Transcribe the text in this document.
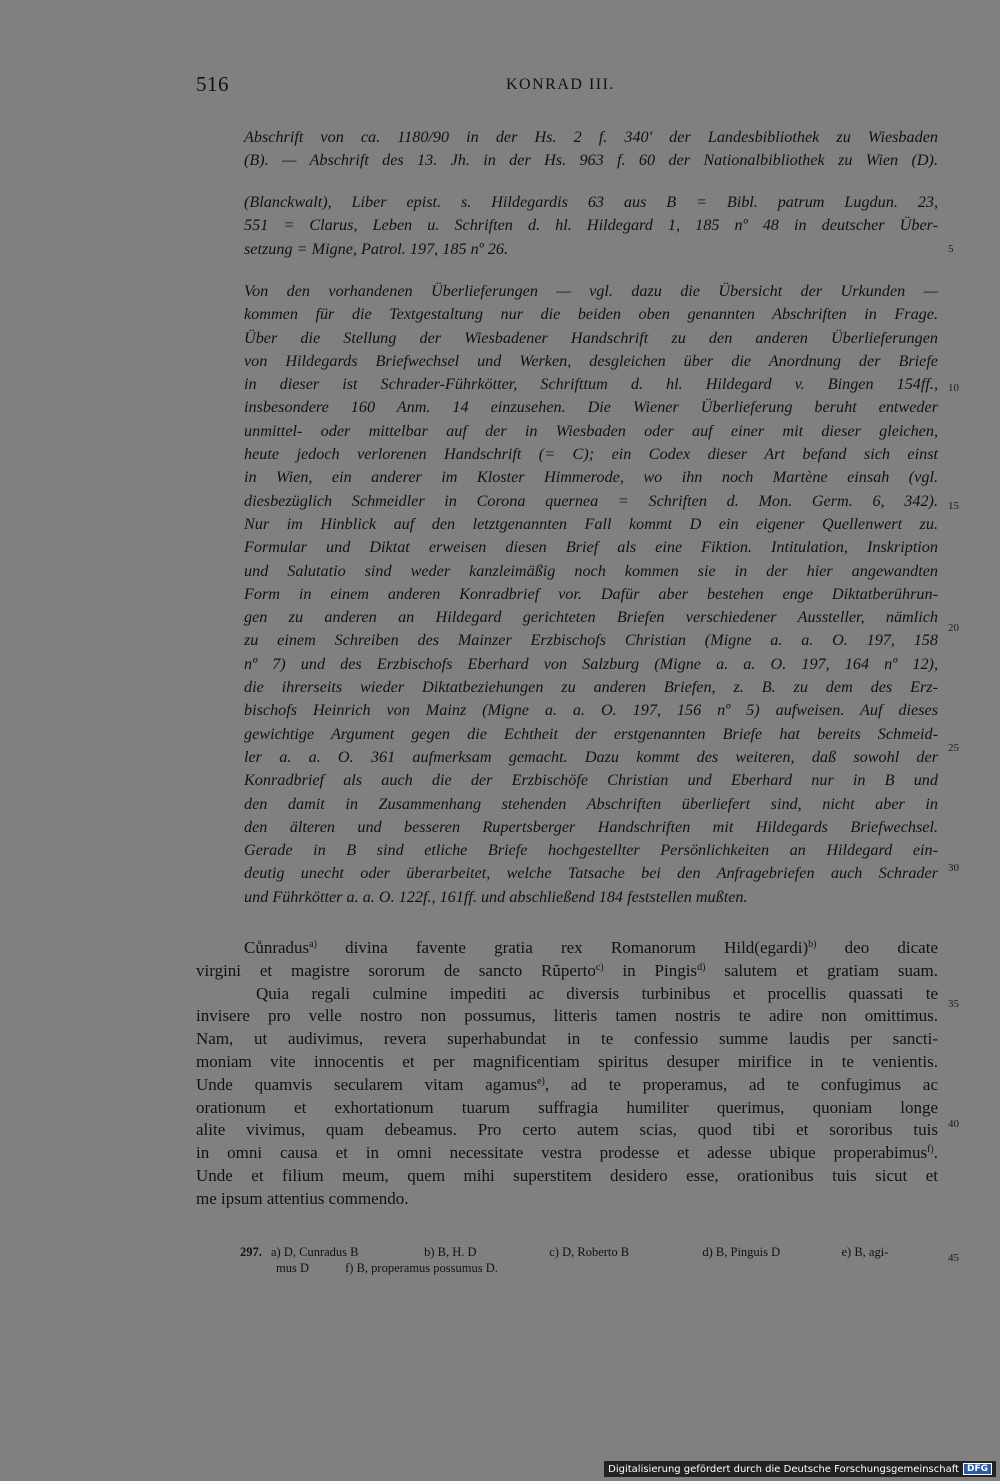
516	KONRAD III.
Abschrift von ca. 1180/90 in der Hs. 2 f. 340' der Landesbibliothek zu Wiesbaden
(B). — Abschrift des 13. Jh. in der Hs. 963 f. 60 der Nationalbibliothek zu Wien (D).
(Blanckwalt), Liber epist. s. Hildegardis 63 aus B = Bibl. patrum Lugdun. 23,
551 = Clarus, Leben u. Schriften d. hl. Hildegard 1, 185 nº 48 in deutscher Über-
setzung = Migne, Patrol. 197, 185 nº 26.
Von den vorhandenen Überlieferungen — vgl. dazu die Übersicht der Urkunden —
kommen für die Textgestaltung nur die beiden oben genannten Abschriften in Frage.
Über die Stellung der Wiesbadener Handschrift zu den anderen Überlieferungen
von Hildegards Briefwechsel und Werken, desgleichen über die Anordnung der Briefe
in dieser ist Schrader-Führkötter, Schrifttum d. hl. Hildegard v. Bingen 154ff.,
insbesondere 160 Anm. 14 einzusehen. Die Wiener Überlieferung beruht entweder
unmittel- oder mittelbar auf der in Wiesbaden oder auf einer mit dieser gleichen,
heute jedoch verlorenen Handschrift (= C); ein Codex dieser Art befand sich einst
in Wien, ein anderer im Kloster Himmerode, wo ihn noch Martène einsah (vgl.
diesbezüglich Schmeidler in Corona quernea = Schriften d. Mon. Germ. 6, 342).
Nur im Hinblick auf den letztgenannten Fall kommt D ein eigener Quellenwert zu.
Formular und Diktat erweisen diesen Brief als eine Fiktion. Intitulation, Inskription
und Salutatio sind weder kanzleimäßig noch kommen sie in der hier angewandten
Form in einem anderen Konradbrief vor. Dafür aber bestehen enge Diktatberührun-
gen zu anderen an Hildegard gerichteten Briefen verschiedener Aussteller, nämlich
zu einem Schreiben des Mainzer Erzbischofs Christian (Migne a. a. O. 197, 158
nº 7) und des Erzbischofs Eberhard von Salzburg (Migne a. a. O. 197, 164 nº 12),
die ihrerseits wieder Diktatbeziehungen zu anderen Briefen, z. B. zu dem des Erz-
bischofs Heinrich von Mainz (Migne a. a. O. 197, 156 nº 5) aufweisen. Auf dieses
gewichtige Argument gegen die Echtheit der erstgenannten Briefe hat bereits Schmeid-
ler a. a. O. 361 aufmerksam gemacht. Dazu kommt des weiteren, daß sowohl der
Konradbrief als auch die der Erzbischöfe Christian und Eberhard nur in B und
den damit in Zusammenhang stehenden Abschriften überliefert sind, nicht aber in
den älteren und besseren Rupertsberger Handschriften mit Hildegards Briefwechsel.
Gerade in B sind etliche Briefe hochgestellter Persönlichkeiten an Hildegard ein-
deutig unecht oder überarbeitet, welche Tatsache bei den Anfragebriefen auch Schrader
und Führkötter a. a. O. 122f., 161ff. und abschließend 184 feststellen mußten.
Cůnradus$^{a)}$ divina favente gratia rex Romanorum Hild(egardi)$^{b)}$ deo dicate
virgini et magistre sororum de sancto Rŭperto$^{c)}$ in Pingis$^{d)}$ salutem et gratiam suam.
Quia regali culmine impediti ac diversis turbinibus et procellis quassati te
invisere pro velle nostro non possumus, litteris tamen nostris te adire non omittimus.
Nam, ut audivimus, revera superhabundat in te confessio summe laudis per sancti-
moniam vite innocentis et per magnificentiam spiritus desuper mirifice in te venientis.
Unde quamvis secularem vitam agamus$^{e)}$, ad te properamus, ad te confugimus ac
orationum et exhortationum tuarum suffragia humiliter querimus, quoniam longe
alite vivimus, quam debeamus. Pro certo autem scias, quod tibi et sororibus tuis
in omni causa et in omni necessitate vestra prodesse et adesse ubique properabimus$^{f)}$.
Unde et filium meum, quem mihi superstitem desidero esse, orationibus tuis sicut et
me ipsum attentius commendo.
5
10
15
20
25
30
35
40
45
297. a) D, Cunradus B	b) B, H. D	c) D, Roberto B	d) B, Pinguis D	e) B, agi-
mus D	f) B, properamus possumus D.
Digitalisierung gefördert durch die Deutsche Forschungsgemeinschaft DFG
